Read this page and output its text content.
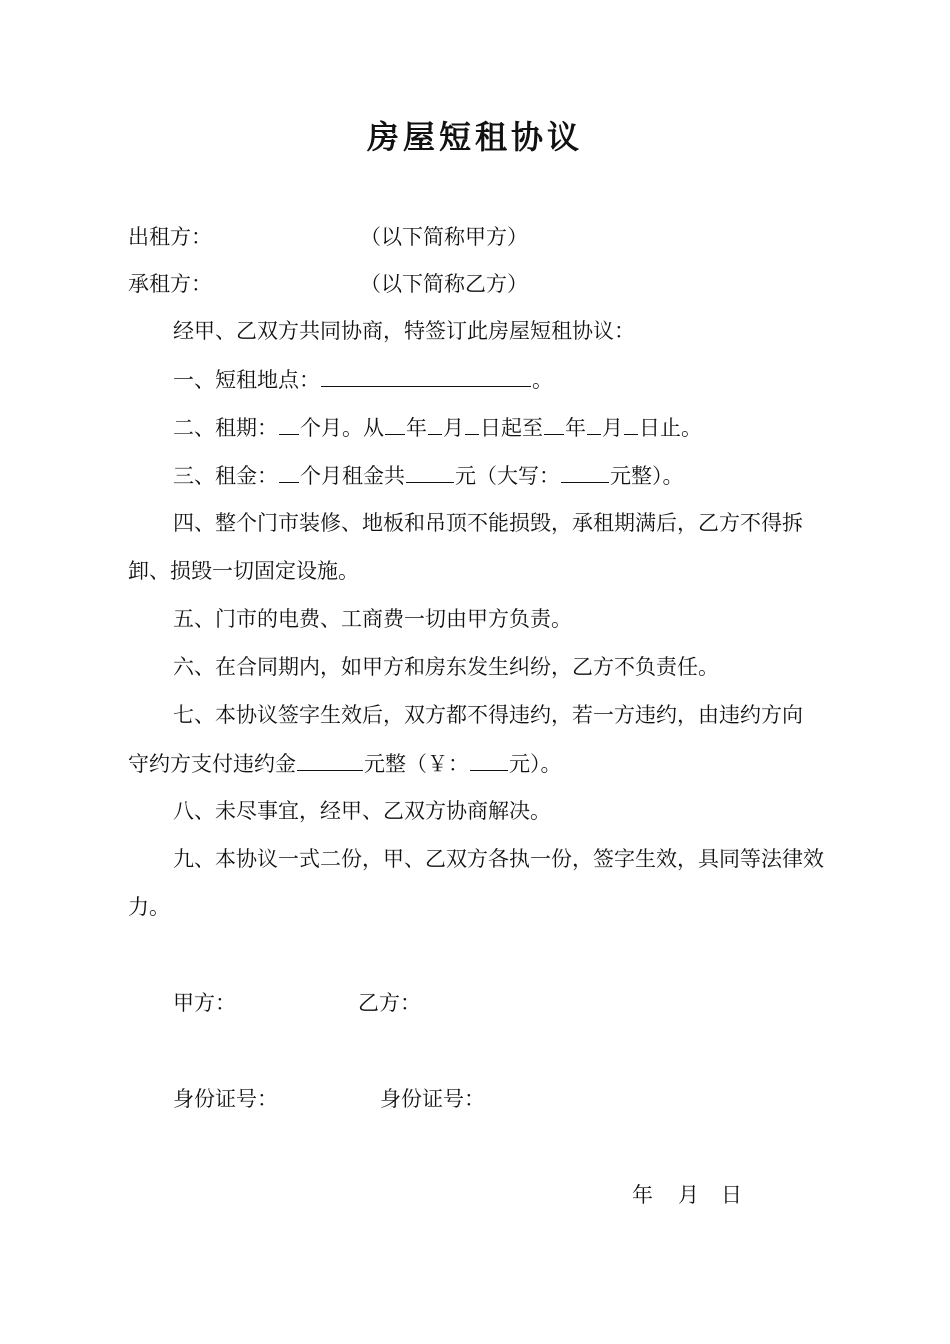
房屋短租协议
出租方：	（以下简称甲方）
承租方：	（以下简称乙方）
经甲、乙双方共同协商，特签订此房屋短租协议：
一、短租地点：	。
二、租期： 个月。从 年 月 日起至 年 月 日止。
三、租金： 个月租金共 元（大写： 元整）。
四、整个门市装修、地板和吊顶不能损毁，承租期满后，乙方不得拆
卸、损毁一切固定设施。
五、门市的电费、工商费一切由甲方负责。
六、在合同期内，如甲方和房东发生纠纷，乙方不负责任。
七、本协议签字生效后，双方都不得违约，若一方违约，由违约方向
守约方支付违约金	元整（￥： 元）。
八、未尽事宜，经甲、乙双方协商解决。
九、本协议一式二份，甲、乙双方各执一份，签字生效，具同等法律效
力。
甲方：	乙方：
身份证号：	身份证号：
年 月 日
